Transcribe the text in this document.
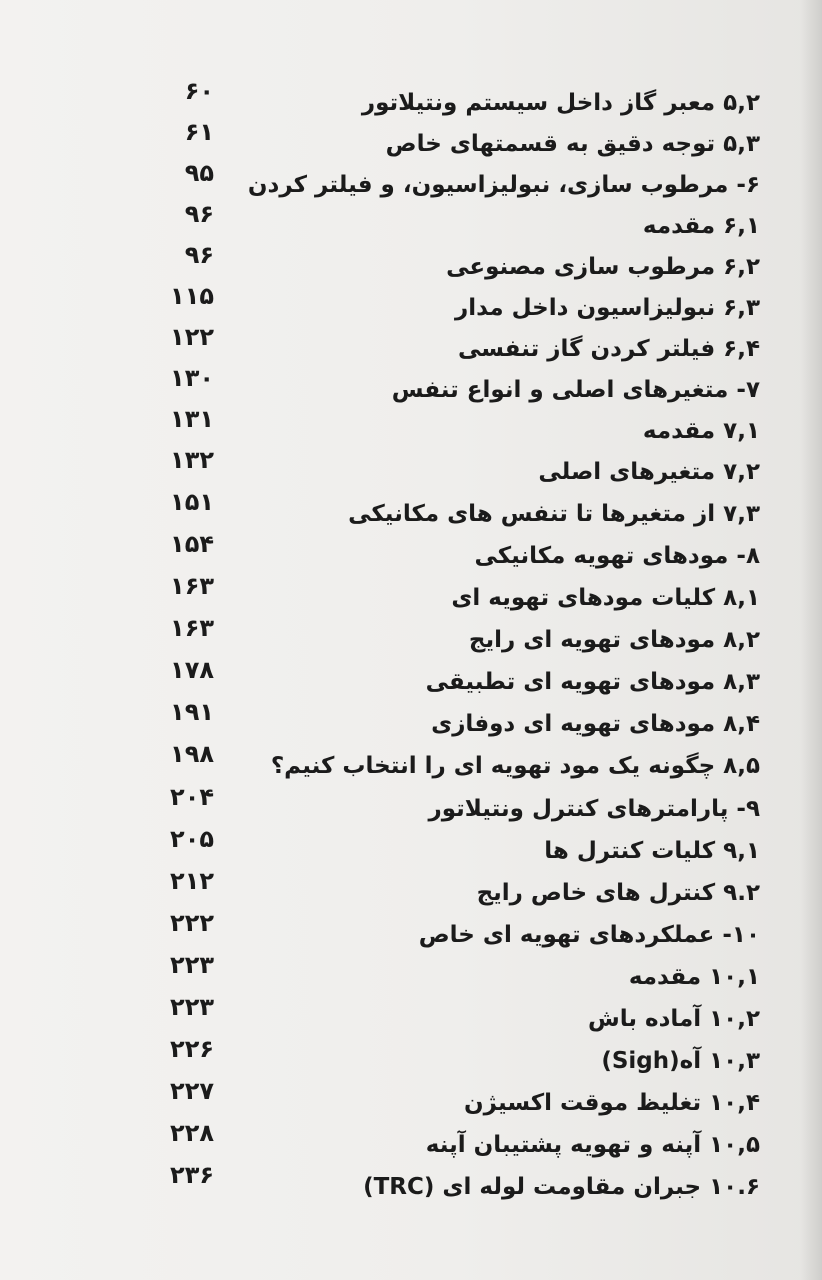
۵,۲ معبر گاز داخل سیستم ونتیلاتور
۶۰
۵,۳ توجه دقیق به قسمتهای خاص
۶۱
۶- مرطوب سازی، نبولیزاسیون، و فیلتر کردن
۹۵
۶,۱ مقدمه
۹۶
۶,۲ مرطوب سازی مصنوعی
۹۶
۶,۳ نبولیزاسیون داخل مدار
۱۱۵
۶,۴ فیلتر کردن گاز تنفسی
۱۲۲
۷- متغیرهای اصلی و انواع تنفس
۱۳۰
۷,۱ مقدمه
۱۳۱
۷,۲ متغیرهای اصلی
۱۳۲
۷,۳ از متغیرها تا تنفس های مکانیکی
۱۵۱
۸- مودهای تهویه مکانیکی
۱۵۴
۸,۱ کلیات مودهای تهویه ای
۱۶۳
۸,۲ مودهای تهویه ای رایج
۱۶۳
۸,۳ مودهای تهویه ای تطبیقی
۱۷۸
۸,۴ مودهای تهویه ای دوفازی
۱۹۱
۸,۵ چگونه یک مود تهویه ای را انتخاب کنیم؟
۱۹۸
۹- پارامترهای کنترل ونتیلاتور
۲۰۴
۹,۱ کلیات کنترل ها
۲۰۵
۹.۲ کنترل های خاص رایج
۲۱۲
۱۰- عملکردهای تهویه ای خاص
۲۲۲
۱۰,۱ مقدمه
۲۲۳
۱۰,۲ آماده باش
۲۲۳
۱۰,۳ آه(Sigh)
۲۲۶
۱۰,۴ تغلیظ موقت اکسیژن
۲۲۷
۱۰,۵ آپنه و تهویه پشتیبان آپنه
۲۲۸
۱۰.۶ جبران مقاومت لوله ای (TRC)
۲۳۶
